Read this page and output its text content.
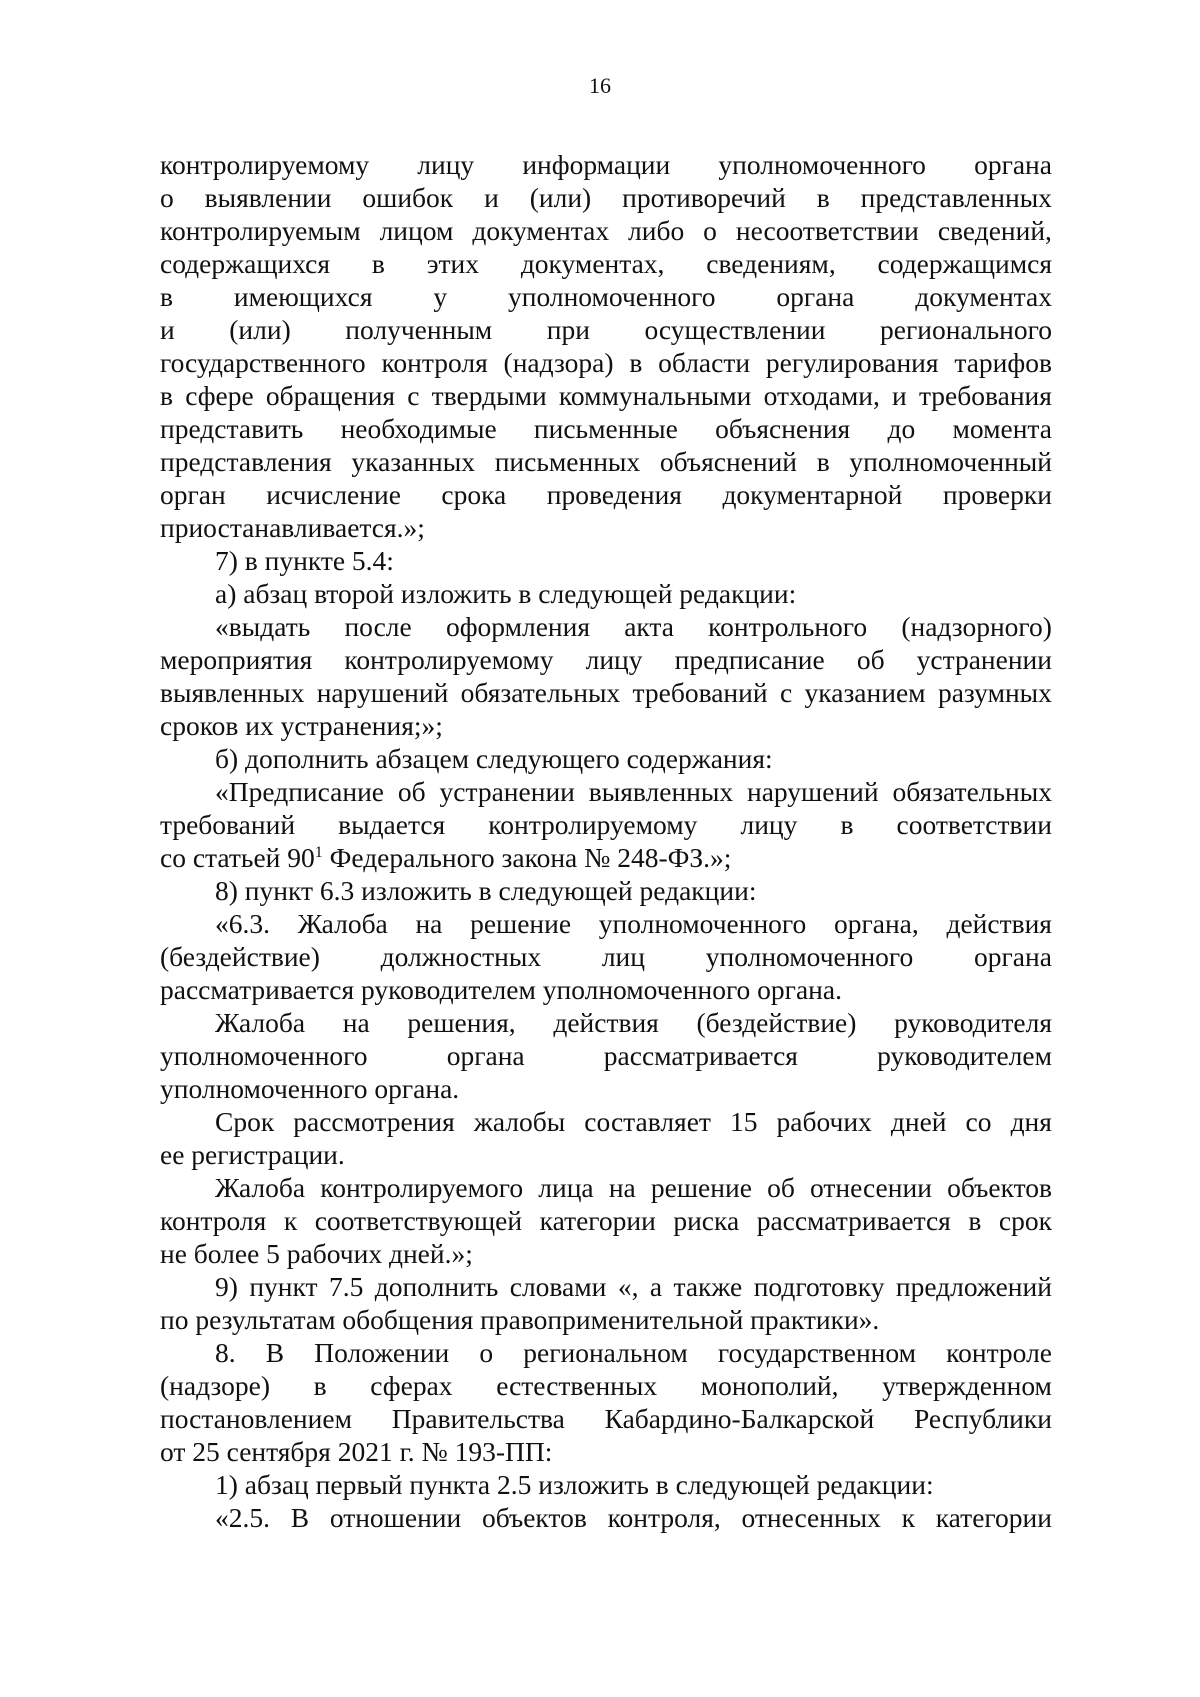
16
контролируемому лицу информации уполномоченного органа
о выявлении ошибок и (или) противоречий в представленных
контролируемым лицом документах либо о несоответствии сведений,
содержащихся в этих документах, сведениям, содержащимся
в имеющихся у уполномоченного органа документах
и (или) полученным при осуществлении регионального
государственного контроля (надзора) в области регулирования тарифов
в сфере обращения с твердыми коммунальными отходами, и требования
представить необходимые письменные объяснения до момента
представления указанных письменных объяснений в уполномоченный
орган исчисление срока проведения документарной проверки
приостанавливается.»;
7) в пункте 5.4:
а) абзац второй изложить в следующей редакции:
«выдать после оформления акта контрольного (надзорного)
мероприятия контролируемому лицу предписание об устранении
выявленных нарушений обязательных требований с указанием разумных
сроков их устранения;»;
б) дополнить абзацем следующего содержания:
«Предписание об устранении выявленных нарушений обязательных
требований выдается контролируемому лицу в соответствии
со статьей $90^1$ Федерального закона № 248-ФЗ.»;
8) пункт 6.3 изложить в следующей редакции:
«6.3. Жалоба на решение уполномоченного органа, действия
(бездействие) должностных лиц уполномоченного органа
рассматривается руководителем уполномоченного органа.
Жалоба на решения, действия (бездействие) руководителя
уполномоченного	органа	рассматривается	руководителем
уполномоченного органа.
Срок рассмотрения жалобы составляет 15 рабочих дней со дня
ее регистрации.
Жалоба контролируемого лица на решение об отнесении объектов
контроля к соответствующей категории риска рассматривается в срок
не более 5 рабочих дней.»;
9) пункт 7.5 дополнить словами «, а также подготовку предложений
по результатам обобщения правоприменительной практики».
8. В Положении о региональном государственном контроле
(надзоре) в сферах естественных монополий, утвержденном
постановлением Правительства Кабардино-Балкарской Республики
от 25 сентября 2021 г. № 193-ПП:
1) абзац первый пункта 2.5 изложить в следующей редакции:
«2.5. В отношении объектов контроля, отнесенных к категории
